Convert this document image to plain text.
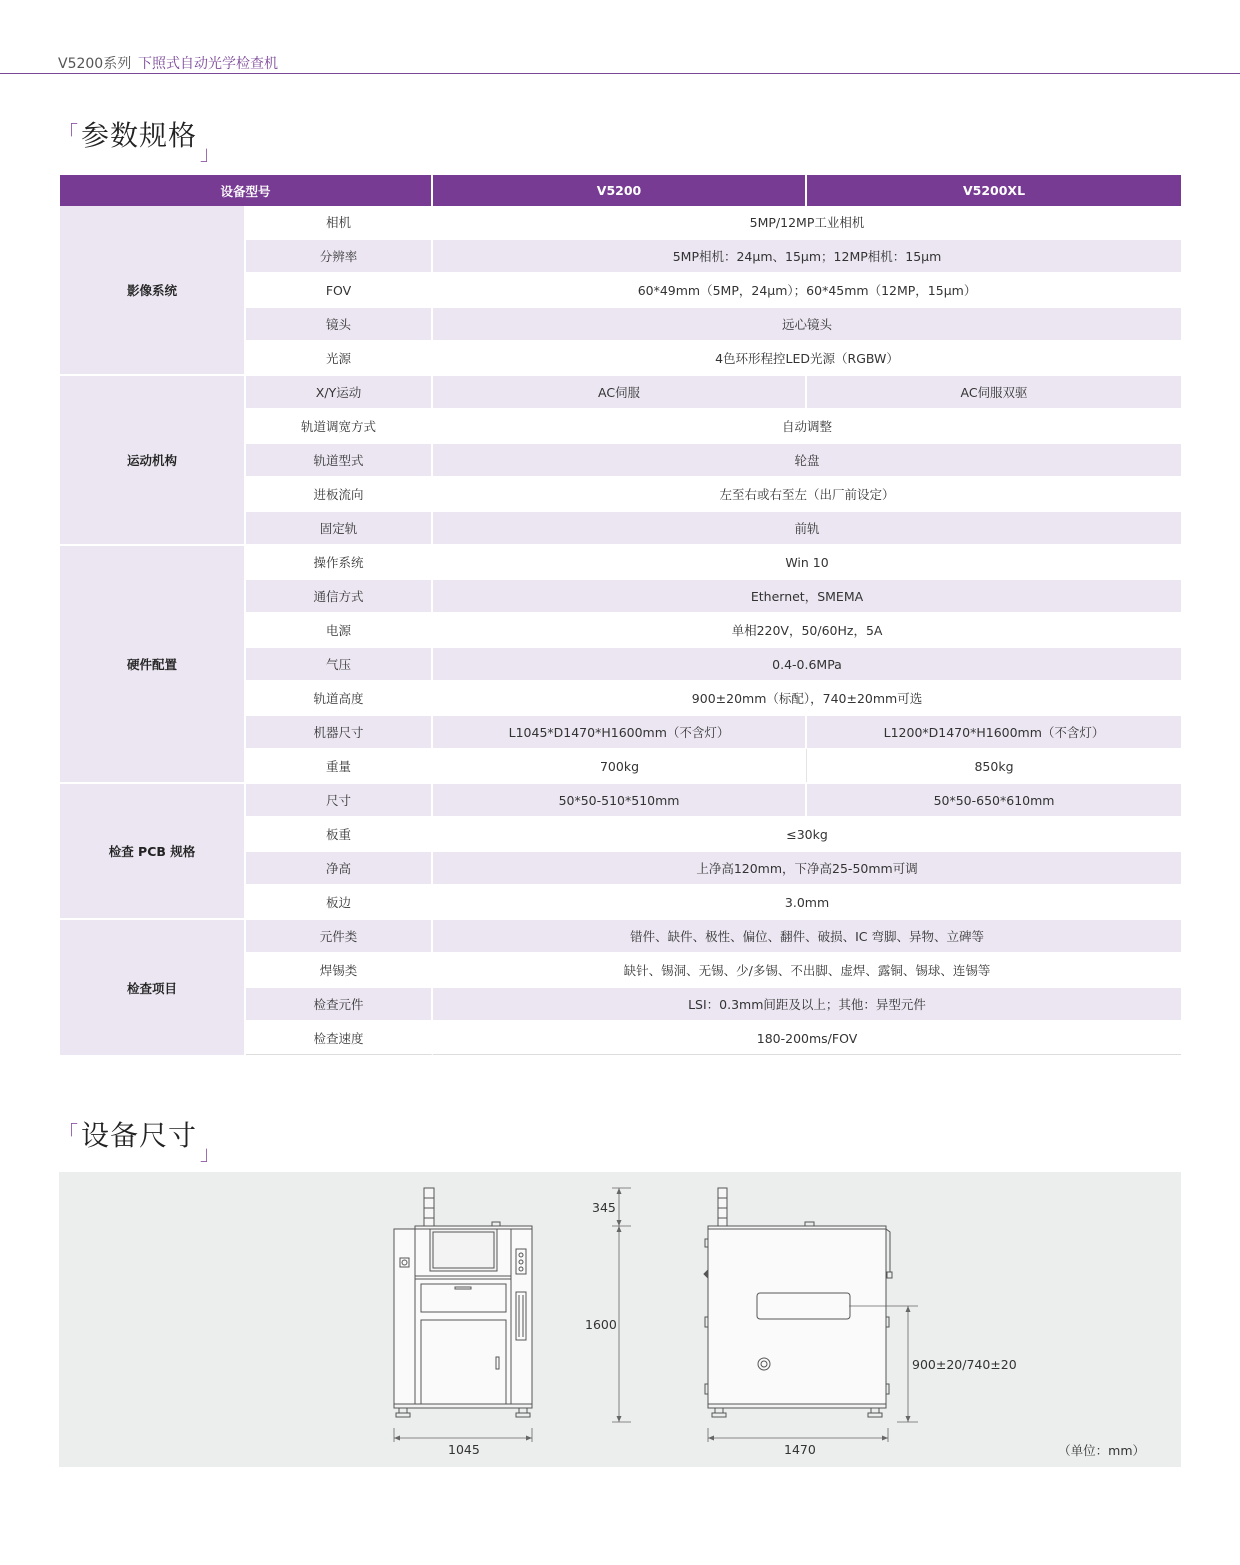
V5200系列 下照式自动光学检查机
「 参数规格
」
设备型号		V5200	V5200XL
影像系统	相机	5MP/12MP工业相机	
	分辨率	5MP相机：24μm、15μm；12MP相机：15μm	
	FOV	60*49mm（5MP，24μm）；60*45mm（12MP，15μm）	
	镜头	远心镜头	
	光源	4色环形程控LED光源（RGBW）	
运动机构	X/Y运动	AC伺服	AC伺服双驱
	轨道调宽方式	自动调整	
	轨道型式	轮盘	
	进板流向	左至右或右至左（出厂前设定）	
	固定轨	前轨	
硬件配置	操作系统	Win 10	
	通信方式	Ethernet，SMEMA	
	电源	单相220V，50/60Hz，5A	
	气压	0.4-0.6MPa	
	轨道高度	900±20mm（标配），740±20mm可选	
	机器尺寸	L1045*D1470*H1600mm（不含灯）	L1200*D1470*H1600mm（不含灯）
	重量	700kg	850kg
检查 PCB 规格	尺寸	50*50-510*510mm	50*50-650*610mm
	板重	≤30kg	
	净高	上净高120mm，下净高25-50mm可调	
	板边	3.0mm	
检查项目	元件类	错件、缺件、极性、偏位、翻件、破损、IC 弯脚、异物、立碑等	
	焊锡类	缺针、锡洞、无锡、少/多锡、不出脚、虚焊、露铜、锡球、连锡等	
	检查元件	LSI：0.3mm间距及以上；其他：异型元件	
	检查速度	180-200ms/FOV	
「 设备尺寸
」
1045	1470
345
1600
900±20/740±20
（单位：mm）
